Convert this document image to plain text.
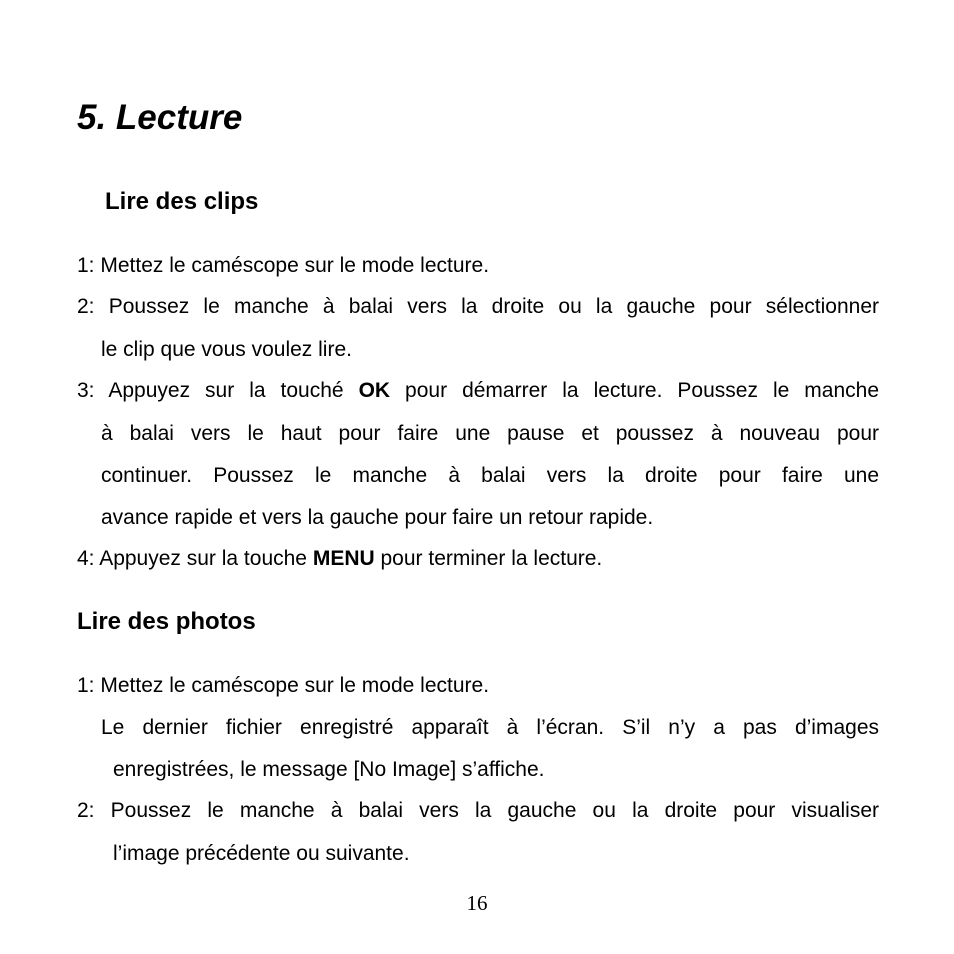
5. Lecture
Lire des clips

1: Mettez le caméscope sur le mode lecture.

2: Poussez le manche à balai vers la droite ou la gauche pour sélectionner

le clip que vous voulez lire.

3: Appuyez sur la touché OK pour démarrer la lecture. Poussez le manche

à balai vers le haut pour faire une pause et poussez à nouveau pour

continuer. Poussez le manche à balai vers la droite pour faire une

avance rapide et vers la gauche pour faire un retour rapide.

4: Appuyez sur la touche MENU pour terminer la lecture.

Lire des photos

1: Mettez le caméscope sur le mode lecture.

Le dernier fichier enregistré apparaît à l’écran. S’il n’y a pas d’images

enregistrées, le message [No Image] s’affiche.

2: Poussez le manche à balai vers la gauche ou la droite pour visualiser

l’image précédente ou suivante.

16
